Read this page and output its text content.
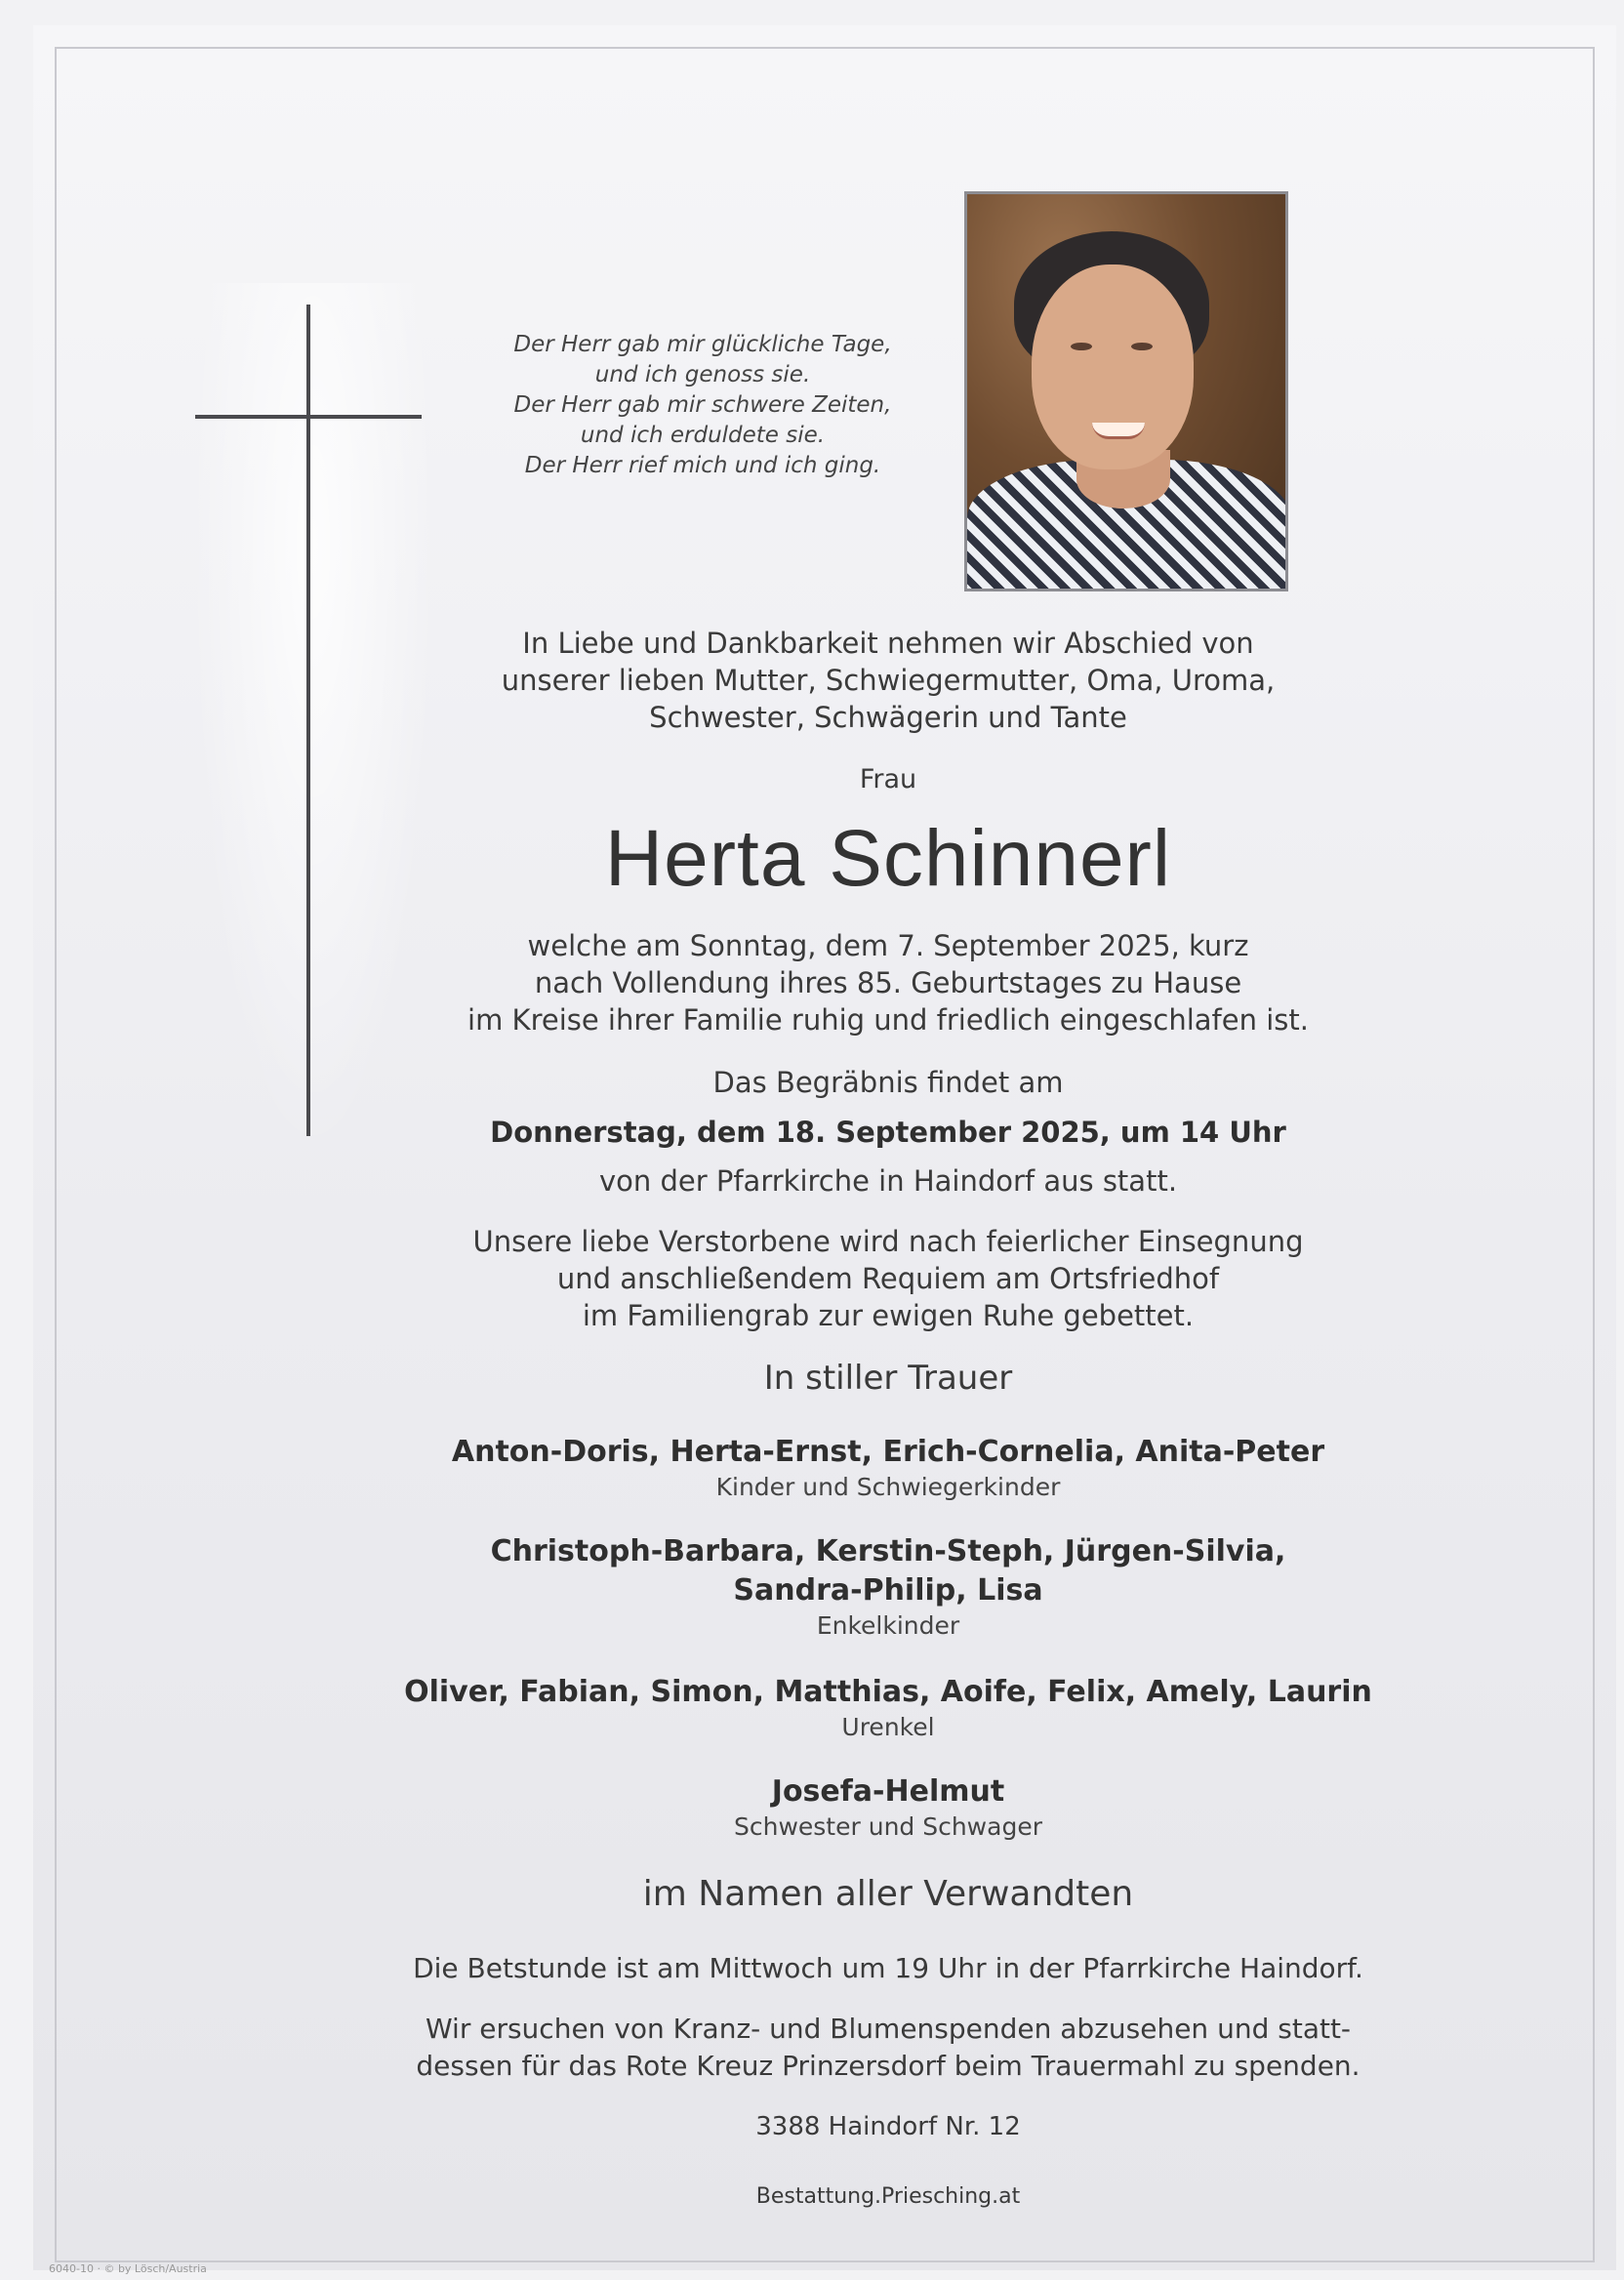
Der Herr gab mir glückliche Tage,
und ich genoss sie.
Der Herr gab mir schwere Zeiten,
und ich erduldete sie.
Der Herr rief mich und ich ging.
In Liebe und Dankbarkeit nehmen wir Abschied von
unserer lieben Mutter, Schwiegermutter, Oma, Uroma,
Schwester, Schwägerin und Tante

Frau

Herta Schinnerl

welche am Sonntag, dem 7. September 2025, kurz
nach Vollendung ihres 85. Geburtstages zu Hause
im Kreise ihrer Familie ruhig und friedlich eingeschlafen ist.

Das Begräbnis findet am

Donnerstag, dem 18. September 2025, um 14 Uhr

von der Pfarrkirche in Haindorf aus statt.

Unsere liebe Verstorbene wird nach feierlicher Einsegnung
und anschließendem Requiem am Ortsfriedhof
im Familiengrab zur ewigen Ruhe gebettet.

In stiller Trauer

Anton-Doris, Herta-Ernst, Erich-Cornelia, Anita-Peter
Kinder und Schwiegerkinder
Christoph-Barbara, Kerstin-Steph, Jürgen-Silvia,
Sandra-Philip, Lisa
Enkelkinder
Oliver, Fabian, Simon, Matthias, Aoife, Felix, Amely, Laurin
Urenkel
Josefa-Helmut
Schwester und Schwager

im Namen aller Verwandten

Die Betstunde ist am Mittwoch um 19 Uhr in der Pfarrkirche Haindorf.

Wir ersuchen von Kranz- und Blumenspenden abzusehen und statt-
dessen für das Rote Kreuz Prinzersdorf beim Trauermahl zu spenden.

3388 Haindorf Nr. 12

Bestattung.Priesching.at

6040-10 · © by Lösch/Austria
